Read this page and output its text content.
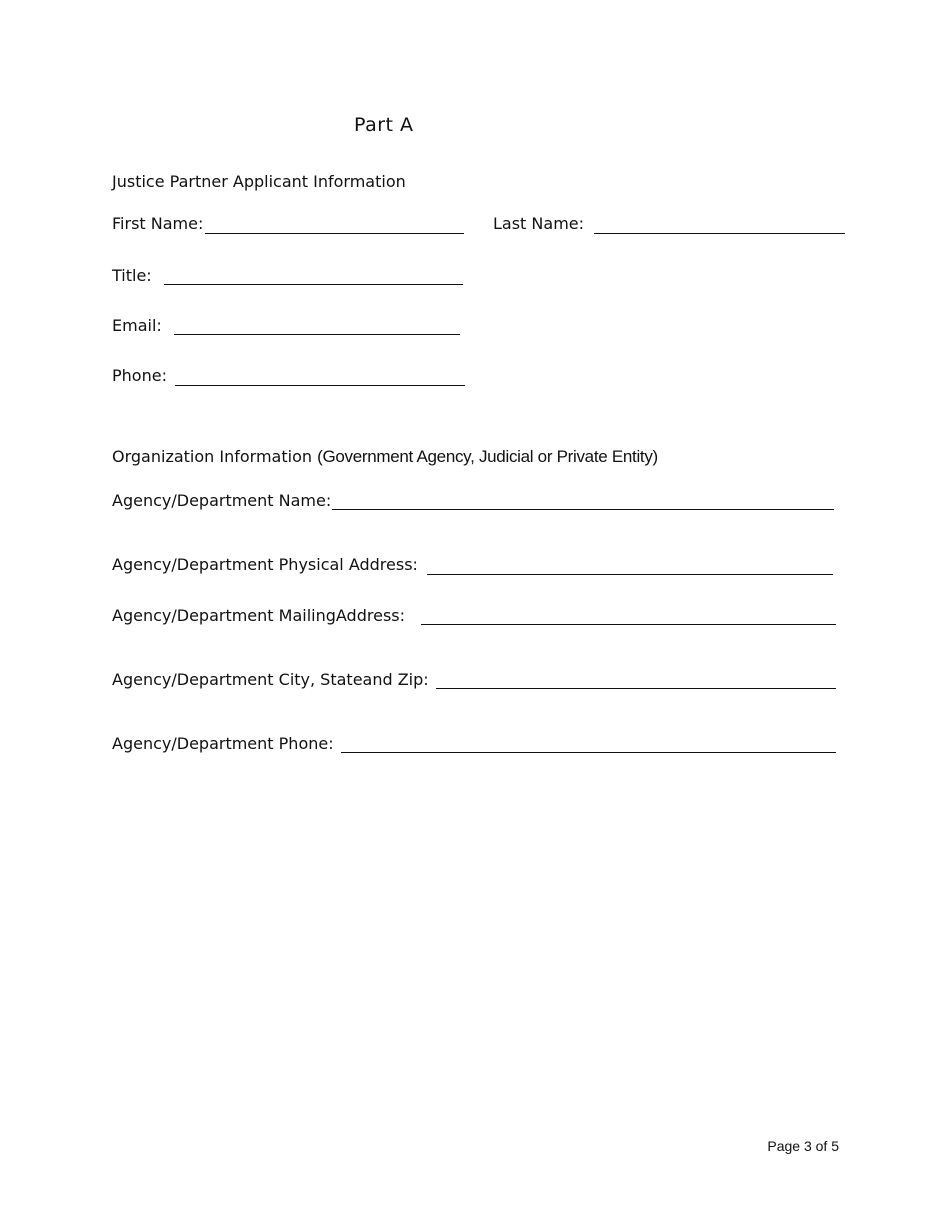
Part A
Justice Partner Applicant Information
First Name:	Last Name:
Title:
Email:
Phone:
Organization Information (Government Agency, Judicial or Private Entity)
Agency/Department Name:
Agency/Department Physical Address:
Agency/Department MailingAddress:
Agency/Department City, Stateand Zip:
Agency/Department Phone:
Page 3 of 5
